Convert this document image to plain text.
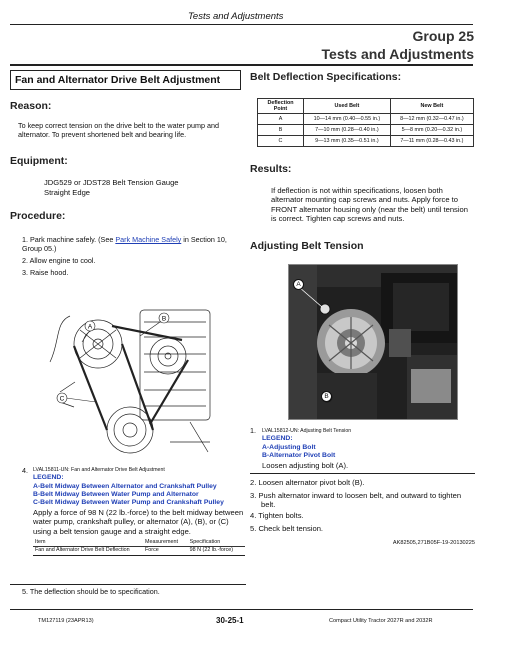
Tests and Adjustments
Group 25
Tests and Adjustments
Fan and Alternator Drive Belt Adjustment
Reason:
To keep correct tension on the drive belt to the water pump and alternator. To prevent shortened belt and bearing life.
Equipment:
JDG529 or JDST28 Belt Tension Gauge
Straight Edge
Procedure:
1. Park machine safely. (See Park Machine Safely in Section 10, Group 05.)
2. Allow engine to cool.
3. Raise hood.
A
B
C
4. LVAL15811-UN: Fan and Alternator Drive Belt Adjustment
LEGEND:
A-Belt Midway Between Alternator and Crankshaft Pulley
B-Belt Midway Between Water Pump and Alternator
C-Belt Midway Between Water Pump and Crankshaft Pulley
Apply a force of 98 N (22 lb.-force) to the belt midway between water pump, crankshaft pulley, or alternator (A), (B), or (C) using a belt tension gauge and a straight edge.
Item	Measurement	Specification
Fan and Alternator Drive Belt Deflection	Force	98 N (22 lb.-force)
5. The deflection should be to specification.
Belt Deflection Specifications:
Deflection Point	Used Belt	New Belt
A	10—14 mm (0.40—0.55 in.)	8—12 mm (0.32—0.47 in.)
B	7—10 mm (0.28—0.40 in.)	5—8 mm (0.20—0.32 in.)
C	9—13 mm (0.35—0.51 in.)	7—11 mm (0.28—0.43 in.)
Results:
If deflection is not within specifications, loosen both alternator mounting cap screws and nuts. Apply force to FRONT alternator housing only (near the belt) until tension is correct. Tighten cap screws and nuts.
Adjusting Belt Tension
A
B
1. LVAL15812-UN: Adjusting Belt Tension
LEGEND:
A-Adjusting Bolt
B-Alternator Pivot Bolt
Loosen adjusting bolt (A).
2. Loosen alternator pivot bolt (B).
3. Push alternator inward to loosen belt, and outward to tighten belt.
4. Tighten bolts.
5. Check belt tension.
AK82505,271B05F-19-20130225
TM127119 (23APR13)	30-25-1	Compact Utility Tractor 2027R and 2032R
